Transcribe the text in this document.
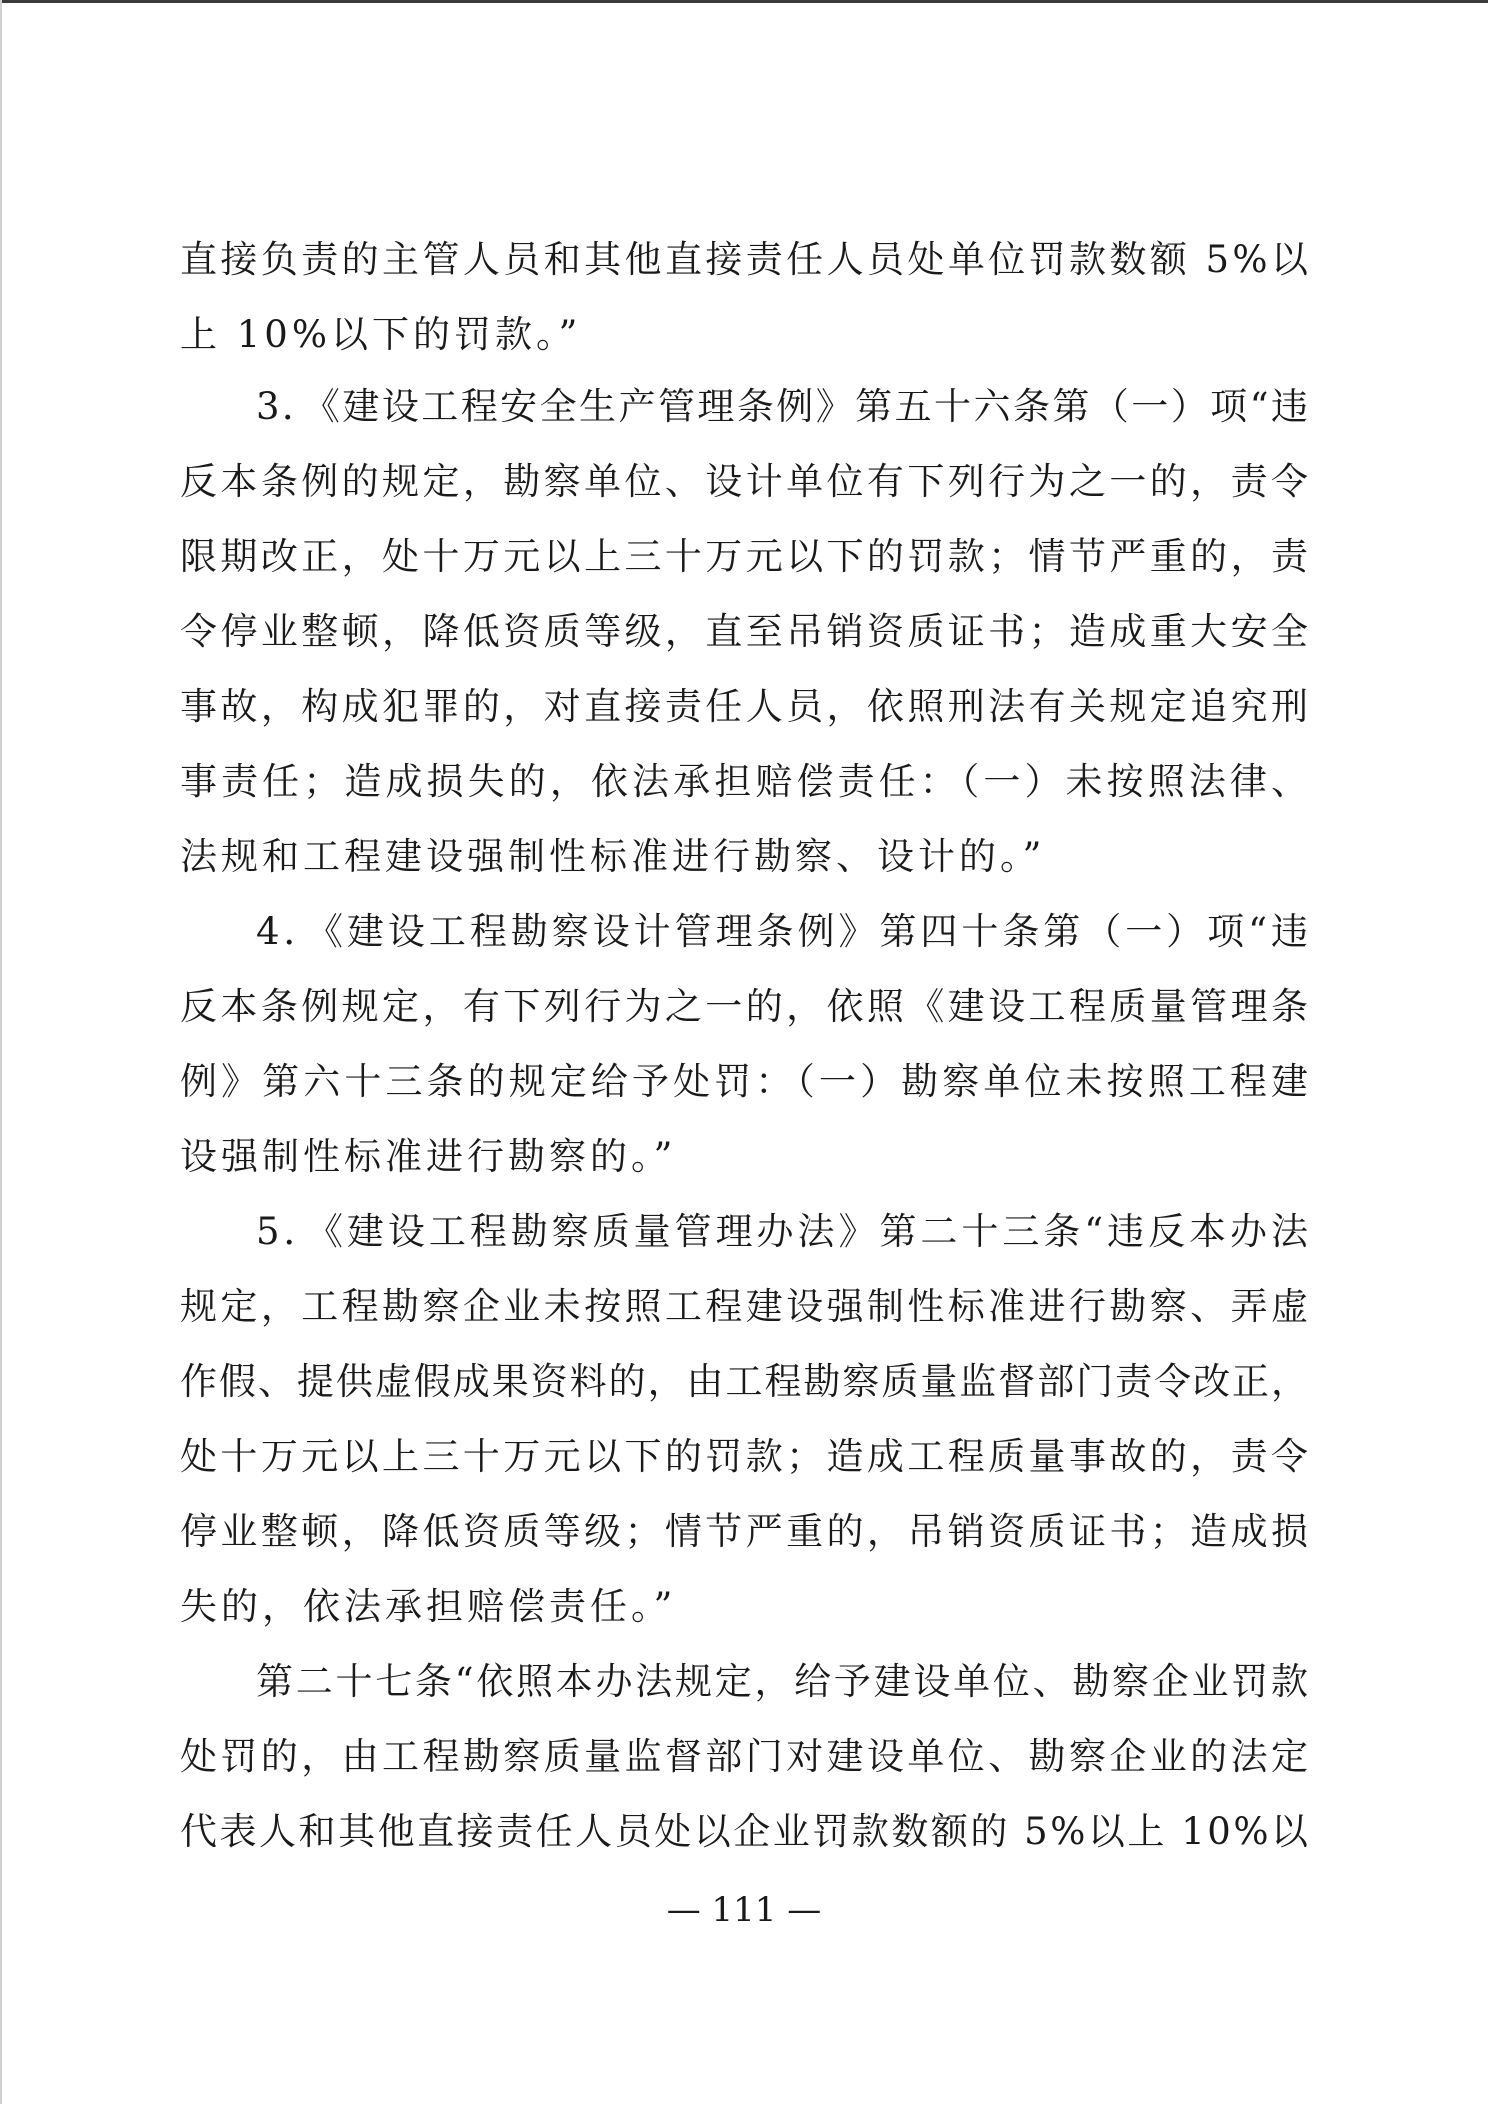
直接负责的主管人员和其他直接责任人员处单位罚款数额 5%以
上 10%以下的罚款。”
3．《建设工程安全生产管理条例》第五十六条第（一）项“违
反本条例的规定，勘察单位、设计单位有下列行为之一的，责令
限期改正，处十万元以上三十万元以下的罚款；情节严重的，责
令停业整顿，降低资质等级，直至吊销资质证书；造成重大安全
事故，构成犯罪的，对直接责任人员，依照刑法有关规定追究刑
事责任；造成损失的，依法承担赔偿责任：（一）未按照法律、
法规和工程建设强制性标准进行勘察、设计的。”
4．《建设工程勘察设计管理条例》第四十条第（一）项“违
反本条例规定，有下列行为之一的，依照《建设工程质量管理条
例》第六十三条的规定给予处罚：（一）勘察单位未按照工程建
设强制性标准进行勘察的。”
5．《建设工程勘察质量管理办法》第二十三条“违反本办法
规定，工程勘察企业未按照工程建设强制性标准进行勘察、弄虚
作假、提供虚假成果资料的，由工程勘察质量监督部门责令改正，
处十万元以上三十万元以下的罚款；造成工程质量事故的，责令
停业整顿，降低资质等级；情节严重的，吊销资质证书；造成损
失的，依法承担赔偿责任。”
第二十七条“依照本办法规定，给予建设单位、勘察企业罚款
处罚的，由工程勘察质量监督部门对建设单位、勘察企业的法定
代表人和其他直接责任人员处以企业罚款数额的 5%以上 10%以
— 111 —
